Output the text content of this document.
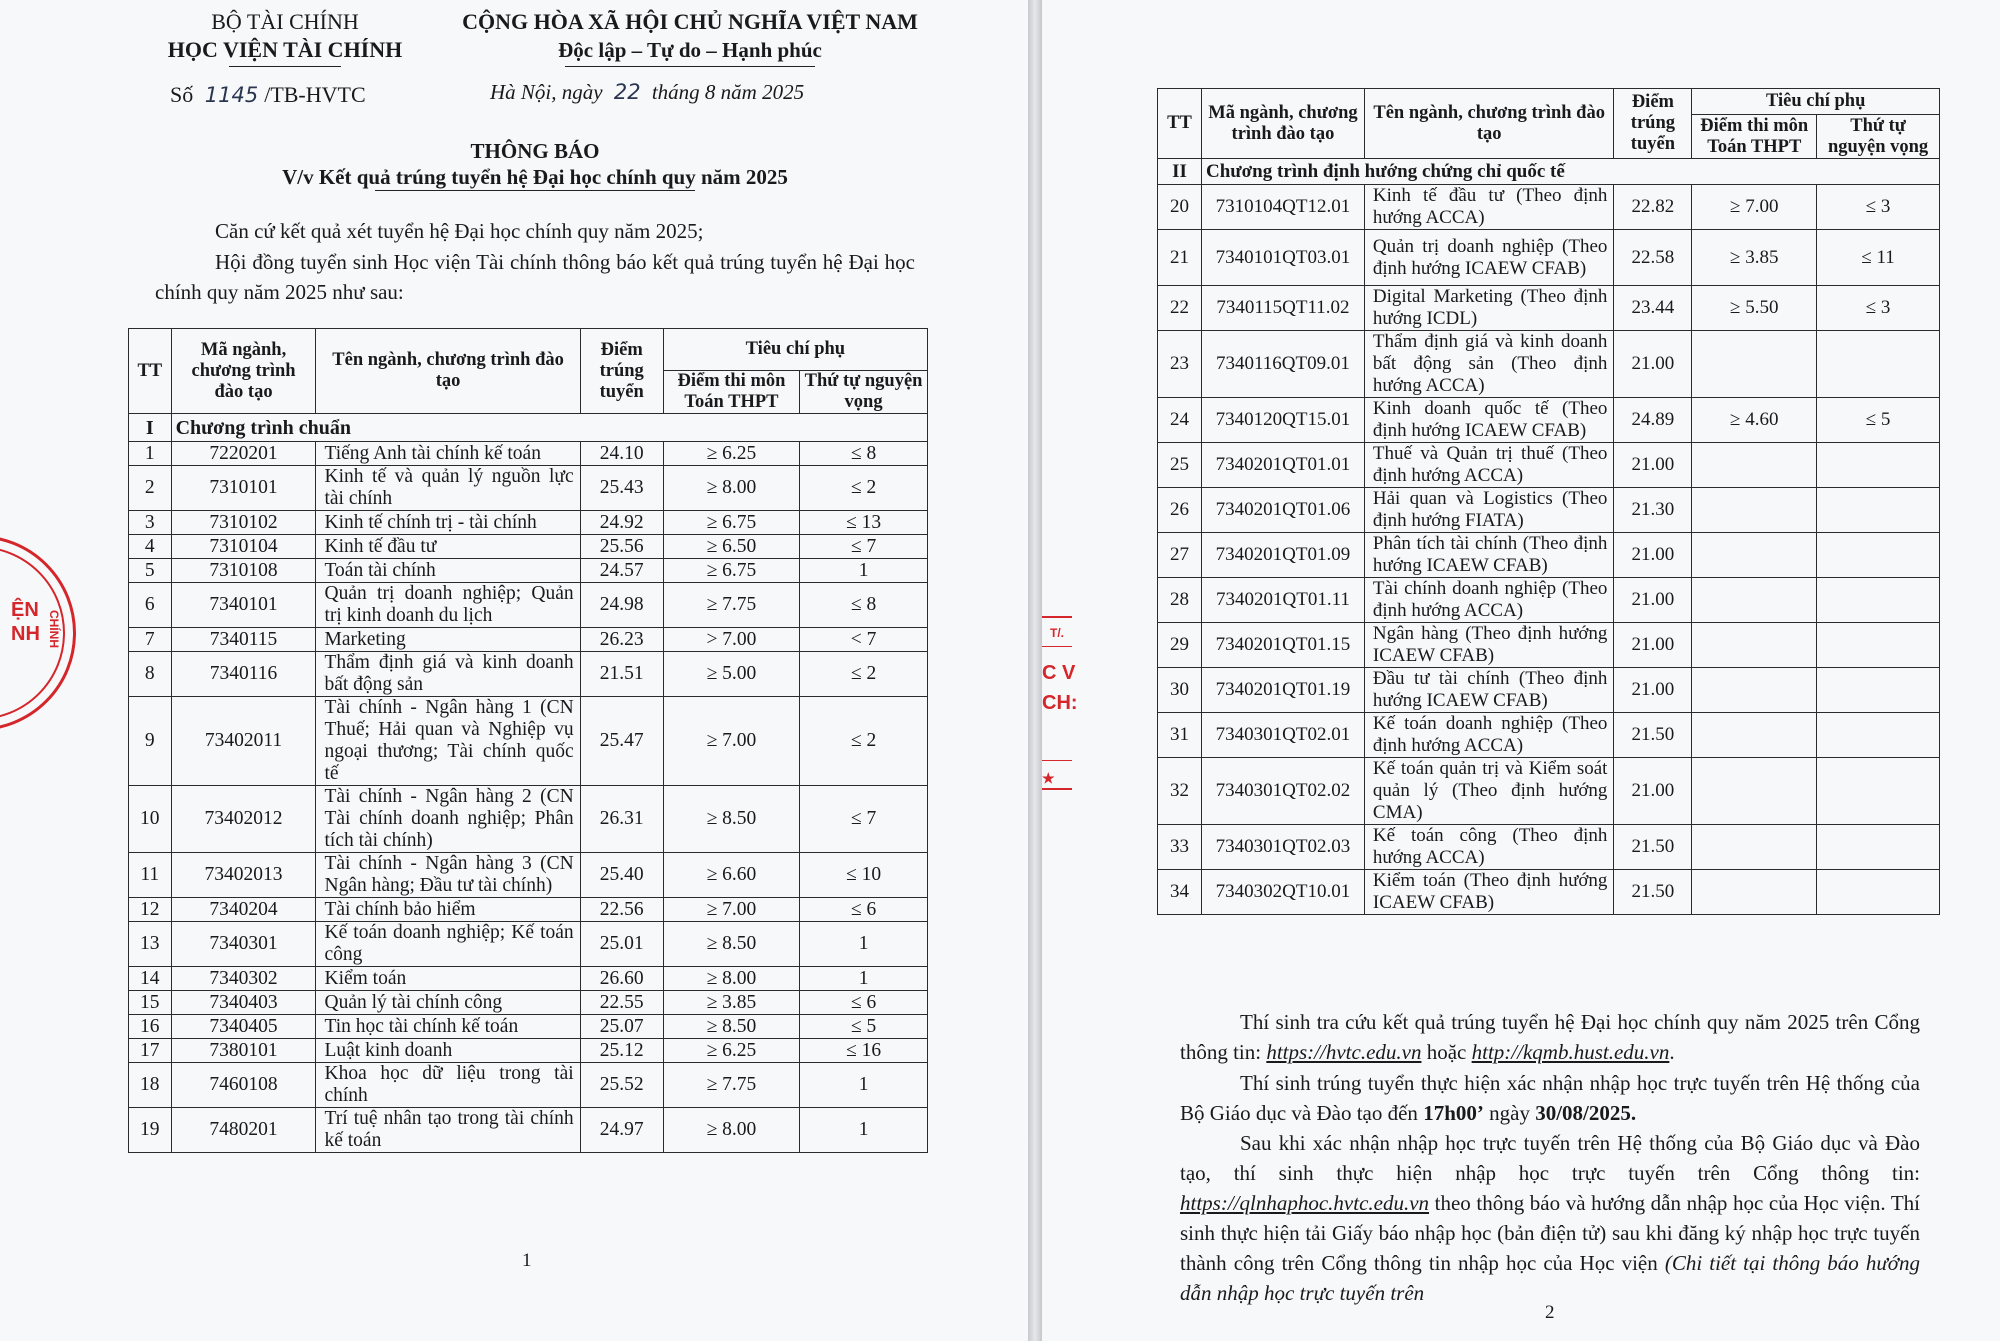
BỘ TÀI CHÍNH
HỌC VIỆN TÀI CHÍNH
CỘNG HÒA XÃ HỘI CHỦ NGHĨA VIỆT NAM
Độc lập – Tự do – Hạnh phúc
Số 1145 /TB-HVTC	Hà Nội, ngày 22 tháng 8 năm 2025
THÔNG BÁO
V/v Kết quả trúng tuyển hệ Đại học chính quy năm 2025
Căn cứ kết quả xét tuyển hệ Đại học chính quy năm 2025;
Hội đồng tuyển sinh Học viện Tài chính thông báo kết quả trúng tuyển hệ Đại học chính quy năm 2025 như sau:
TT	Mã ngành, chương trình đào tạo	Tên ngành, chương trình đào tạo	Điểm trúng tuyển	Tiêu chí phụ	
				Điểm thi môn Toán THPT	Thứ tự nguyện vọng
I	Chương trình chuẩn				
1	7220201	Tiếng Anh tài chính kế toán	24.10	≥ 6.25	≤ 8
2	7310101	Kinh tế và quản lý nguồn lực tài chính	25.43	≥ 8.00	≤ 2
3	7310102	Kinh tế chính trị - tài chính	24.92	≥ 6.75	≤ 13
4	7310104	Kinh tế đầu tư	25.56	≥ 6.50	≤ 7
5	7310108	Toán tài chính	24.57	≥ 6.75	1
6	7340101	Quản trị doanh nghiệp; Quản trị kinh doanh du lịch	24.98	≥ 7.75	≤ 8
7	7340115	Marketing	26.23	> 7.00	< 7
8	7340116	Thẩm định giá và kinh doanh bất động sản	21.51	≥ 5.00	≤ 2
9	73402011	Tài chính - Ngân hàng 1 (CN Thuế; Hải quan và Nghiệp vụ ngoại thương; Tài chính quốc tế	25.47	≥ 7.00	≤ 2
10	73402012	Tài chính - Ngân hàng 2 (CN Tài chính doanh nghiệp; Phân tích tài chính)	26.31	≥ 8.50	≤ 7
11	73402013	Tài chính - Ngân hàng 3 (CN Ngân hàng; Đầu tư tài chính)	25.40	≥ 6.60	≤ 10
12	7340204	Tài chính bảo hiểm	22.56	≥ 7.00	≤ 6
13	7340301	Kế toán doanh nghiệp; Kế toán công	25.01	≥ 8.50	1
14	7340302	Kiểm toán	26.60	≥ 8.00	1
15	7340403	Quản lý tài chính công	22.55	≥ 3.85	≤ 6
16	7340405	Tin học tài chính kế toán	25.07	≥ 8.50	≤ 5
17	7380101	Luật kinh doanh	25.12	≥ 6.25	≤ 16
18	7460108	Khoa học dữ liệu trong tài chính	25.52	≥ 7.75	1
19	7480201	Trí tuệ nhân tạo trong tài chính kế toán	24.97	≥ 8.00	1
1
ỆN
NH CHÍNH	T/.
C V
CH:
★
TT	Mã ngành, chương trình đào tạo	Tên ngành, chương trình đào tạo	Điểm trúng tuyển	Tiêu chí phụ	
				Điểm thi môn Toán THPT	Thứ tự nguyện vọng
II	Chương trình định hướng chứng chỉ quốc tế				
20	7310104QT12.01	Kinh tế đầu tư (Theo định hướng ACCA)	22.82	≥ 7.00	≤ 3
21	7340101QT03.01	Quản trị doanh nghiệp (Theo định hướng ICAEW CFAB)	22.58	≥ 3.85	≤ 11
22	7340115QT11.02	Digital Marketing (Theo định hướng ICDL)	23.44	≥ 5.50	≤ 3
23	7340116QT09.01	Thẩm định giá và kinh doanh bất động sản (Theo định hướng ACCA)	21.00		
24	7340120QT15.01	Kinh doanh quốc tế (Theo định hướng ICAEW CFAB)	24.89	≥ 4.60	≤ 5
25	7340201QT01.01	Thuế và Quản trị thuế (Theo định hướng ACCA)	21.00		
26	7340201QT01.06	Hải quan và Logistics (Theo định hướng FIATA)	21.30		
27	7340201QT01.09	Phân tích tài chính (Theo định hướng ICAEW CFAB)	21.00		
28	7340201QT01.11	Tài chính doanh nghiệp (Theo định hướng ACCA)	21.00		
29	7340201QT01.15	Ngân hàng (Theo định hướng ICAEW CFAB)	21.00		
30	7340201QT01.19	Đầu tư tài chính (Theo định hướng ICAEW CFAB)	21.00		
31	7340301QT02.01	Kế toán doanh nghiệp (Theo định hướng ACCA)	21.50		
32	7340301QT02.02	Kế toán quản trị và Kiểm soát quản lý (Theo định hướng CMA)	21.00		
33	7340301QT02.03	Kế toán công (Theo định hướng ACCA)	21.50		
34	7340302QT10.01	Kiểm toán (Theo định hướng ICAEW CFAB)	21.50		
Thí sinh tra cứu kết quả trúng tuyển hệ Đại học chính quy năm 2025 trên Cổng thông tin: https://hvtc.edu.vn hoặc http://kqmb.hust.edu.vn.
Thí sinh trúng tuyển thực hiện xác nhận nhập học trực tuyến trên Hệ thống của Bộ Giáo dục và Đào tạo đến 17h00’ ngày 30/08/2025.
Sau khi xác nhận nhập học trực tuyến trên Hệ thống của Bộ Giáo dục và Đào tạo, thí sinh thực hiện nhập học trực tuyến trên Cổng thông tin: https://qlnhaphoc.hvtc.edu.vn theo thông báo và hướng dẫn nhập học của Học viện. Thí sinh thực hiện tải Giấy báo nhập học (bản điện tử) sau khi đăng ký nhập học trực tuyến thành công trên Cổng thông tin nhập học của Học viện (Chi tiết tại thông báo hướng dẫn nhập học trực tuyến trên
2
